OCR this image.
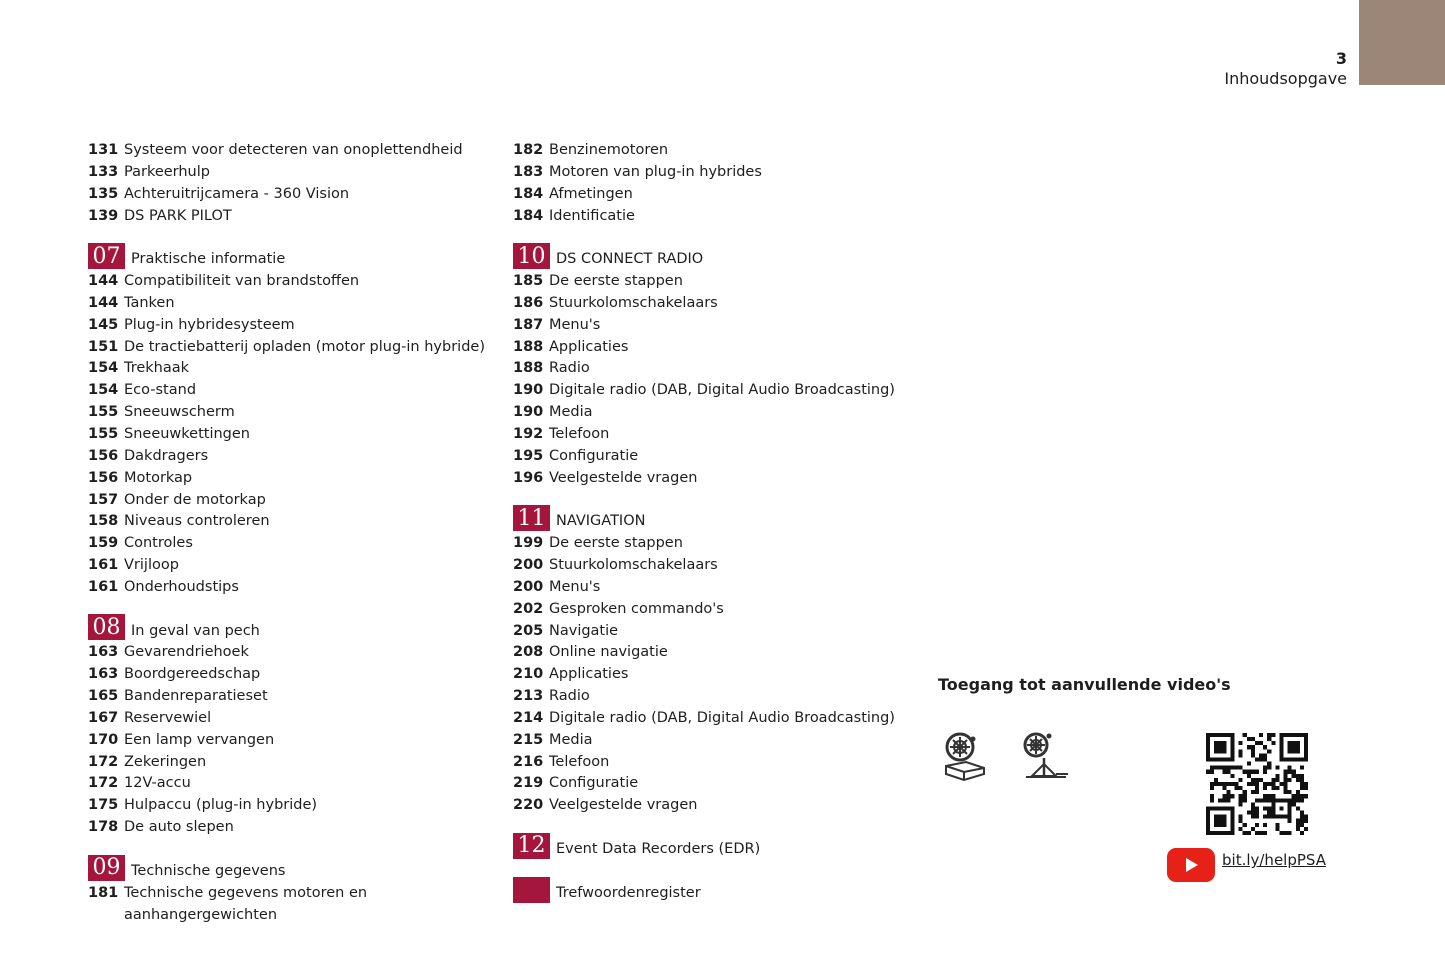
3
Inhoudsopgave
131 Systeem voor detecteren van onoplettendheid
133 Parkeerhulp
135 Achteruitrijcamera - 360 Vision
139 DS PARK PILOT
07 Praktische informatie
144 Compatibiliteit van brandstoffen
144 Tanken
145 Plug-in hybridesysteem
151 De tractiebatterij opladen (motor plug-in hybride)
154 Trekhaak
154 Eco-stand
155 Sneeuwscherm
155 Sneeuwkettingen
156 Dakdragers
156 Motorkap
157 Onder de motorkap
158 Niveaus controleren
159 Controles
161 Vrijloop
161 Onderhoudstips
08 In geval van pech
163 Gevarendriehoek
163 Boordgereedschap
165 Bandenreparatieset
167 Reservewiel
170 Een lamp vervangen
172 Zekeringen
172 12V-accu
175 Hulpaccu (plug-in hybride)
178 De auto slepen
09 Technische gegevens
181 Technische gegevens motoren en aanhangergewichten
182 Benzinemotoren
183 Motoren van plug-in hybrides
184 Afmetingen
184 Identificatie
10 DS CONNECT RADIO
185 De eerste stappen
186 Stuurkolomschakelaars
187 Menu's
188 Applicaties
188 Radio
190 Digitale radio (DAB, Digital Audio Broadcasting)
190 Media
192 Telefoon
195 Configuratie
196 Veelgestelde vragen
11 NAVIGATION
199 De eerste stappen
200 Stuurkolomschakelaars
200 Menu's
202 Gesproken commando's
205 Navigatie
208 Online navigatie
210 Applicaties
213 Radio
214 Digitale radio (DAB, Digital Audio Broadcasting)
215 Media
216 Telefoon
219 Configuratie
220 Veelgestelde vragen
12 Event Data Recorders (EDR)
Trefwoordenregister
Toegang tot aanvullende video's
bit.ly/helpPSA
